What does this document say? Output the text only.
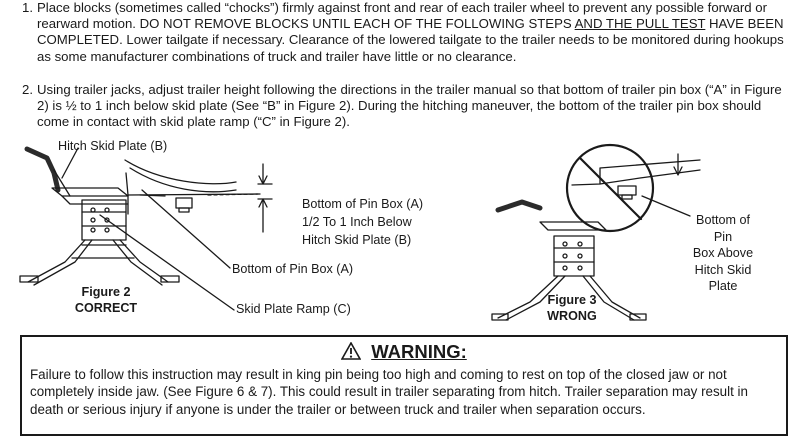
1. Place blocks (sometimes called “chocks”) firmly against front and rear of each trailer wheel to prevent any possible forward or rearward motion. DO NOT REMOVE BLOCKS UNTIL EACH OF THE FOLLOWING STEPS AND THE PULL TEST HAVE BEEN COMPLETED. Lower tailgate if necessary. Clearance of the lowered tailgate to the trailer needs to be monitored during hookups as some manufacturer combinations of truck and trailer have little or no clearance.

2. Using trailer jacks, adjust trailer height following the directions in the trailer manual so that bottom of trailer pin box (“A” in Figure 2) is ½ to 1 inch below skid plate (See “B” in Figure 2). During the hitching maneuver, the bottom of the trailer pin box should come in contact with skid plate ramp (“C” in Figure 2).

Hitch Skid Plate (B)
Bottom of Pin Box (A)
1/2 To 1 Inch Below
Hitch Skid Plate (B)
Bottom of Pin Box (A)
Skid Plate Ramp (C)
Figure 2
CORRECT
Bottom of
Pin
Box Above
Hitch Skid
Plate
Figure 3
WRONG
WARNING:
Failure to follow this instruction may result in king pin being too high and coming to rest on top of the closed jaw or not completely inside jaw. (See Figure 6 & 7). This could result in trailer separating from hitch. Trailer separation may result in death or serious injury if anyone is under the trailer or between truck and trailer when separation occurs.
